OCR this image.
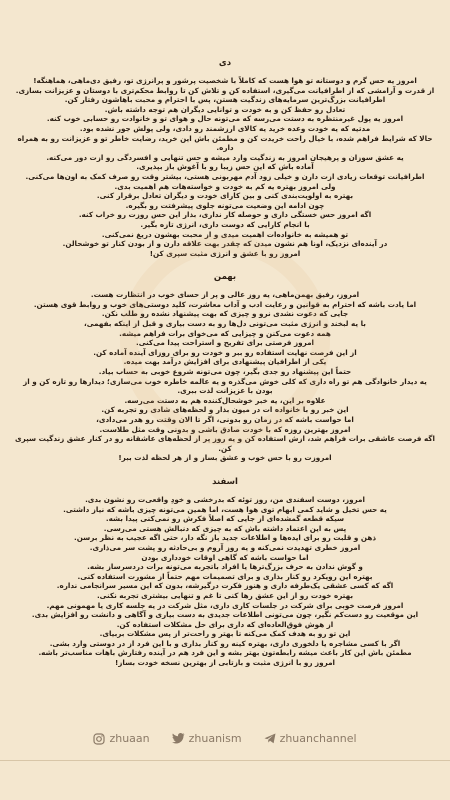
دی

امروز یه حس گرم و دوستانه تو هوا هست که کاملاً با شخصیت پرشور و پرانرژی تو، رفیق دی‌ماهی، هماهنگه!

از قدرت و آرامشی که از اطرافیانت می‌گیری، استفاده کن و تلاش کن تا روابط محکم‌تری با دوستان و عزیزانت بسازی.

اطرافیانت بزرگ‌ترین سرمایه‌های زندگیت هستن، پس با احترام و محبت باهاشون رفتار کن.

تعادل رو حفظ کن و به خودت و توانایی دیگران هم توجه داشته باش.

امروز یه پول غیرمنتظره به دستت می‌رسه که می‌تونه حال و هوای تو و خانوادت رو حسابی خوب کنه.

مدتیه که یه خودت وعده خرید یه کالای ارزشمند رو دادی، ولی پولش جور نشده بود.

حالا که شرایط فراهم شده، با خیال راحت خریدت کن و مطمئن باش این خرید، رضایت خاطر تو و عزیزانت رو به همراه داره.

یه عشق سوزان و پرهیجان امروز به زندگیت وارد میشه و حس تنهایی و افسردگی رو ازت دور می‌کنه.

آماده باش که این حس زیبا رو با آغوش باز بپذیری.

اطرافیانت توقعات زیادی ازت دارن و خیلی زود آدم مهربونی هستی، بیشتر وقت رو صرف کمک به اون‌ها می‌کنی.

ولی امروز بهتره یه کم به خودت و خواسته‌هات هم اهمیت بدی.

بهتره به اولویت‌بندی کنی و بین کارای خودت و دیگران تعادل برقرار کنی.

چون ادامه این وضعیت می‌تونه جلوی پیشرفتت رو بگیره.

اگه امروز حس خستگی داری و حوصله کار نداری، بذار این حس روزت رو خراب کنه.

با انجام کارایی که دوست داری، انرژی تازه بگیر.

تو همیشه به خانواده‌ات اهمیت میدی و از محبت بهشون دریغ نمی‌کنی.

در آینده‌ای نزدیک، اونا هم نشون میدن که چقدر بهت علاقه دارن و از بودن کنار تو خوشحالن.

امروز رو با عشق و انرژی مثبت سپری کن!

بهمن

امروز، رفیق بهمن‌ماهی، یه روز عالی و پر از حسای خوب در انتظارت هست.

اما یادت باشه که احترام به قوانین و رعایت ادب و آداب معاشرت، کلید دوستی‌های خوب و روابط قوی هستن.

جایی که دعوت نشدی نرو و چیزی که بهت پیشنهاد نشده رو طلب نکن.

با یه لبخند و انرژی مثبت می‌تونی دل‌ها رو به دست بیاری و قبل از اینکه بفهمی،

همه دعوت می‌کنن و چیزایی که می‌خوای برات فراهم میشه.

امروز فرصتی برای تفریح و استراحت پیدا می‌کنی.

از این فرصت نهایت استفاده رو ببر و خودت رو برای روزای آینده آماده کن.

یکی از اطرافیان پیشنهادی برای افزایش درآمد بهت میده.

حتماً این پیشنهاد رو جدی بگیر، چون می‌تونه شروع خوبی به حساب بیاد.

یه دیدار خانوادگی هم تو راه داری که کلی خوش می‌گذره و یه عالمه خاطره خوب می‌سازی؛ دیدارها رو تازه کن و از بودن با عزیزانت لذت ببری.

علاوه بر این، یه خبر خوشحال‌کننده هم به دستت می‌رسه.

این خبر رو با خانواده ات در میون بذار و لحظه‌های شادی رو تجربه کن.

اما حواست باشه که در زمان رو بدونی، اگر تا الان وقتت رو هدر می‌دادی،

امروز بهترین روزه که با خودت صادق باشی و بدونی وقت مثل طلاست.

اگه فرصت عاشقی برات فراهم شد، ازش استفاده کن و یه روز پر از لحظه‌های عاشقانه رو در کنار عشق زندگیت سپری کن.

امروزت رو با حس خوب و عشق بساز و از هر لحظه لذت ببر!

اسفند

امروز، دوست اسفندی من، روز توئه که بدرخشی و خودِ واقعی‌ت رو نشون بدی.

یه حس تخیل و شاید کمی ابهام توی هوا هست، اما همین می‌تونه چیزی باشه که نیاز داشتی.

سیکه قطعه گمشده‌ای از جایی که اصلاً فکرش رو نمی‌کنی پیدا بشه.

پس به این اعتماد داشته باش که به چیزی که دنبالش هستی می‌رسی.

ذهن و قلبت رو برای ایده‌ها و اطلاعات جدید باز نگه دار، حتی اگه عجیب به نظر برسن.

امروز خطری تهدیدت نمی‌کنه و یه روز آروم و بی‌حادثه رو پشت سر می‌ذاری.

اما حواست باشه که گاهی اوقات خودداری بودن

و گوش ندادن به حرف بزرگ‌ترها یا افراد باتجربه می‌تونه برات دردسرساز بشه.

بهتره این رویکرد رو کنار بذاری و برای تصمیمات مهم حتماً از مشورت استفاده کنی.

اگه که کسی عشقی یک‌طرفه داری و هنوز فکرت درگیرشه، بدون که این مسیر سرانجامی نداره.

بهتره خودت رو از این عشق رها کنی تا غم و تنهایی بیشتری تجربه نکنی.

امروز فرصت خوبی برای شرکت در جلسات کاری داری، مثل شرکت در یه جلسه کاری یا مهمونی مهم.

این موقعیت رو دست‌کم نگیر، چون می‌تونی اطلاعات جدیدی به دست بیاری و آگاهی و دانشت رو افزایش بدی.

از هوش فوق‌العاده‌ای که داری برای حل مشکلات استفاده کن.

این تو رو به هدف کمک می‌کنه تا بهتر و راحت‌تر از پس مشکلات بربیای.

اگر با کسی مشاجره یا دلخوری داری، بهتره کینه رو کنار بذاری و با این فرد از در دوستی وارد بشی.

مطمئن باش این کار باعث میشه رابطه‌تون بهتر بشه و این فرد هم در آینده رفتارش باهات مناسب‌تر باشه.

امروز رو با انرژی مثبت و بازتابی از بهترین نسخه خودت بساز!

zhuaan	zhuanism	zhuanchannel
